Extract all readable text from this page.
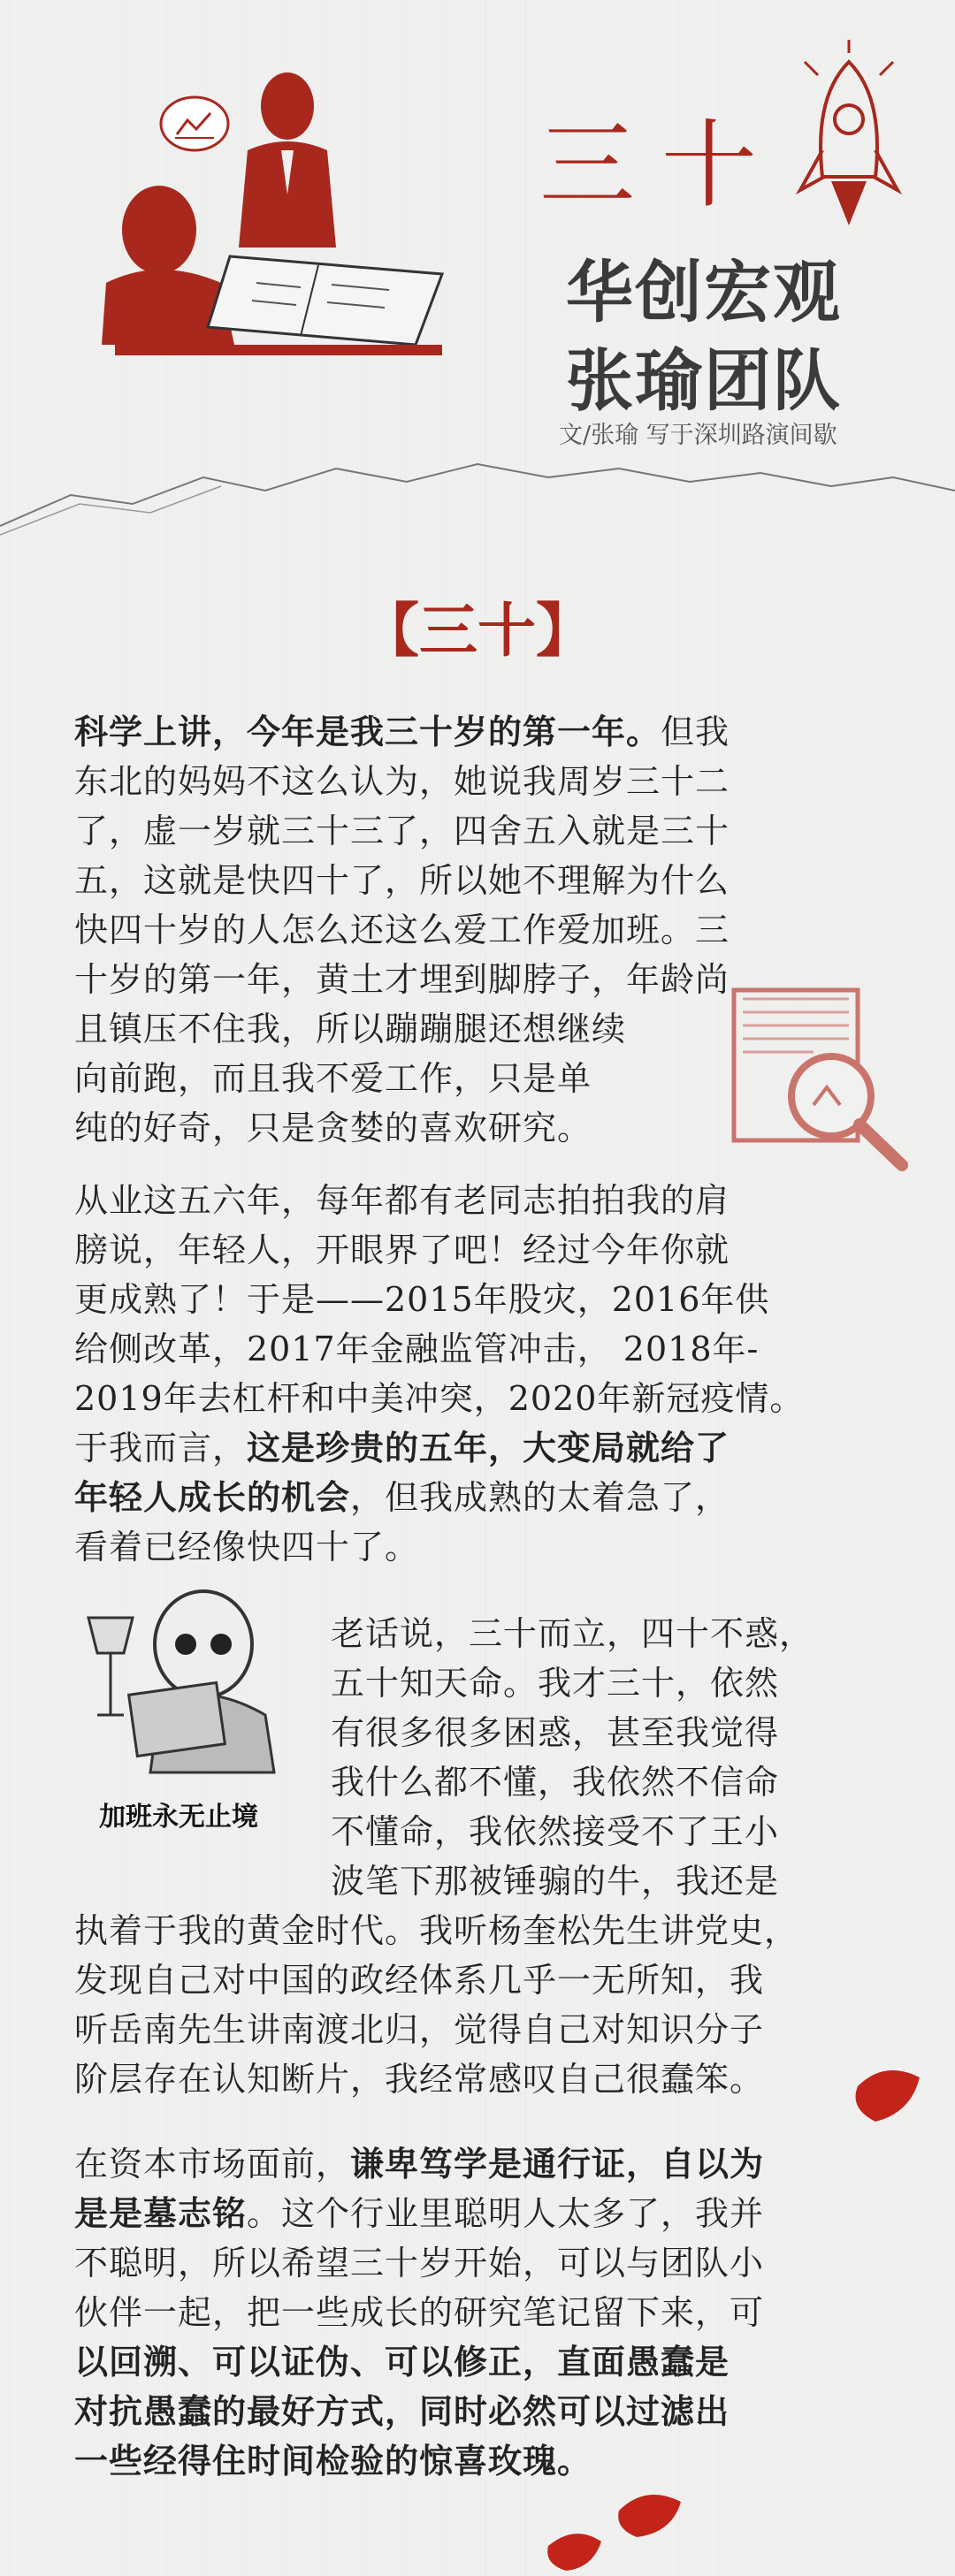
三十
华创宏观
张瑜团队
文/张瑜 写于深圳路演间歇
【三十】
科学上讲，今年是我三十岁的第一年。但我
东北的妈妈不这么认为，她说我周岁三十二
了，虚一岁就三十三了，四舍五入就是三十
五，这就是快四十了，所以她不理解为什么
快四十岁的人怎么还这么爱工作爱加班。三
十岁的第一年，黄土才埋到脚脖子，年龄尚
且镇压不住我，所以蹦蹦腿还想继续
向前跑，而且我不爱工作，只是单
纯的好奇，只是贪婪的喜欢研究。
从业这五六年，每年都有老同志拍拍我的肩
膀说，年轻人，开眼界了吧！经过今年你就
更成熟了！于是——2015年股灾，2016年供
给侧改革，2017年金融监管冲击， 2018年-
2019年去杠杆和中美冲突，2020年新冠疫情。
于我而言，这是珍贵的五年，大变局就给了
年轻人成长的机会，但我成熟的太着急了，
看着已经像快四十了。
加班永无止境
老话说，三十而立，四十不惑，
五十知天命。我才三十，依然
有很多很多困惑，甚至我觉得
我什么都不懂，我依然不信命
不懂命，我依然接受不了王小
波笔下那被锤骟的牛，我还是
执着于我的黄金时代。我听杨奎松先生讲党史，
发现自己对中国的政经体系几乎一无所知，我
听岳南先生讲南渡北归，觉得自己对知识分子
阶层存在认知断片，我经常感叹自己很蠢笨。
在资本市场面前，谦卑笃学是通行证，自以为
是是墓志铭。这个行业里聪明人太多了，我并
不聪明，所以希望三十岁开始，可以与团队小
伙伴一起，把一些成长的研究笔记留下来，可
以回溯、可以证伪、可以修正，直面愚蠢是
对抗愚蠢的最好方式，同时必然可以过滤出
一些经得住时间检验的惊喜玫瑰。
